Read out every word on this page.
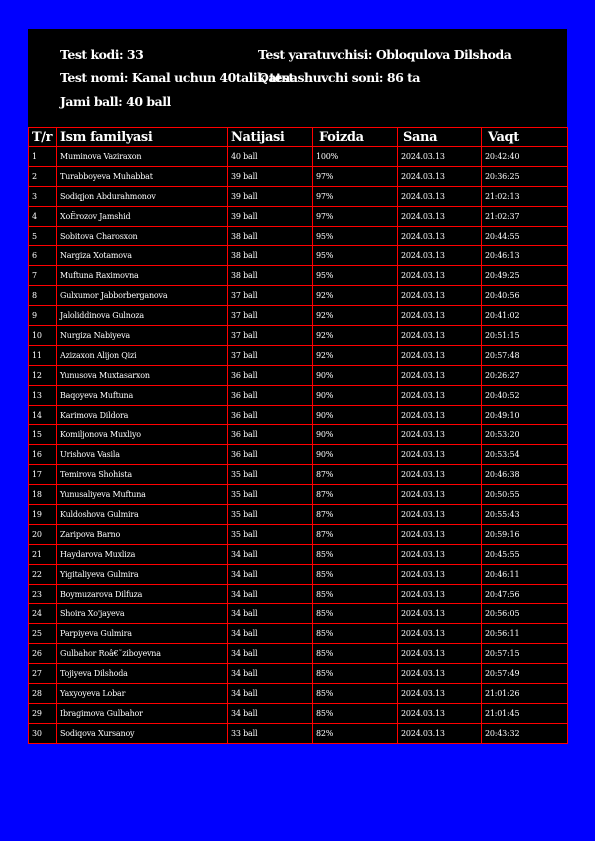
Test kodi: 33	Test yaratuvchisi: Obloqulova Dilshoda
Test nomi: Kanal uchun 40talik test
Qatnashuvchi soni: 86 ta
Jami ball: 40 ball
T/r	Ism familyasi	Natijasi	Foizda	Sana	Vaqt
1	Muminova Vaziraxon	40 ball	100%	2024.03.13	20:42:40
2	Turabboyeva Muhabbat	39 ball	97%	2024.03.13	20:36:25
3	Sodiqjon Abdurahmonov	39 ball	97%	2024.03.13	21:02:13
4	XoЁrozov Jamshid	39 ball	97%	2024.03.13	21:02:37
5	Sobitova Charosxon	38 ball	95%	2024.03.13	20:44:55
6	Nargiza Xotamova	38 ball	95%	2024.03.13	20:46:13
7	Muftuna Raximovna	38 ball	95%	2024.03.13	20:49:25
8	Gulxumor Jabborberganova	37 ball	92%	2024.03.13	20:40:56
9	Jaloliddinova Gulnoza	37 ball	92%	2024.03.13	20:41:02
10	Nurgiza Nabiyeva	37 ball	92%	2024.03.13	20:51:15
11	Azizaxon Alijon Qizi	37 ball	92%	2024.03.13	20:57:48
12	Yunusova Muxtasarxon	36 ball	90%	2024.03.13	20:26:27
13	Baqoyeva Muftuna	36 ball	90%	2024.03.13	20:40:52
14	Karimova Dildora	36 ball	90%	2024.03.13	20:49:10
15	Komiljonova Muxliyo	36 ball	90%	2024.03.13	20:53:20
16	Urishova Vasila	36 ball	90%	2024.03.13	20:53:54
17	Temirova Shohista	35 ball	87%	2024.03.13	20:46:38
18	Yunusaliyeva Muftuna	35 ball	87%	2024.03.13	20:50:55
19	Kuldoshova Gulmira	35 ball	87%	2024.03.13	20:55:43
20	Zaripova Barno	35 ball	87%	2024.03.13	20:59:16
21	Haydarova Muxliza	34 ball	85%	2024.03.13	20:45:55
22	Yigitaliyeva Gulmira	34 ball	85%	2024.03.13	20:46:11
23	Boymuzarova Dilfuza	34 ball	85%	2024.03.13	20:47:56
24	Shoira Xo'jayeva	34 ball	85%	2024.03.13	20:56:05
25	Parpiyeva Gulmira	34 ball	85%	2024.03.13	20:56:11
26	Gulbahor Roâ€˜ziboyevna	34 ball	85%	2024.03.13	20:57:15
27	Tojiyeva Dilshoda	34 ball	85%	2024.03.13	20:57:49
28	Yaxyoyeva Lobar	34 ball	85%	2024.03.13	21:01:26
29	Ibragimova Gulbahor	34 ball	85%	2024.03.13	21:01:45
30	Sodiqova Xursanoy	33 ball	82%	2024.03.13	20:43:32
